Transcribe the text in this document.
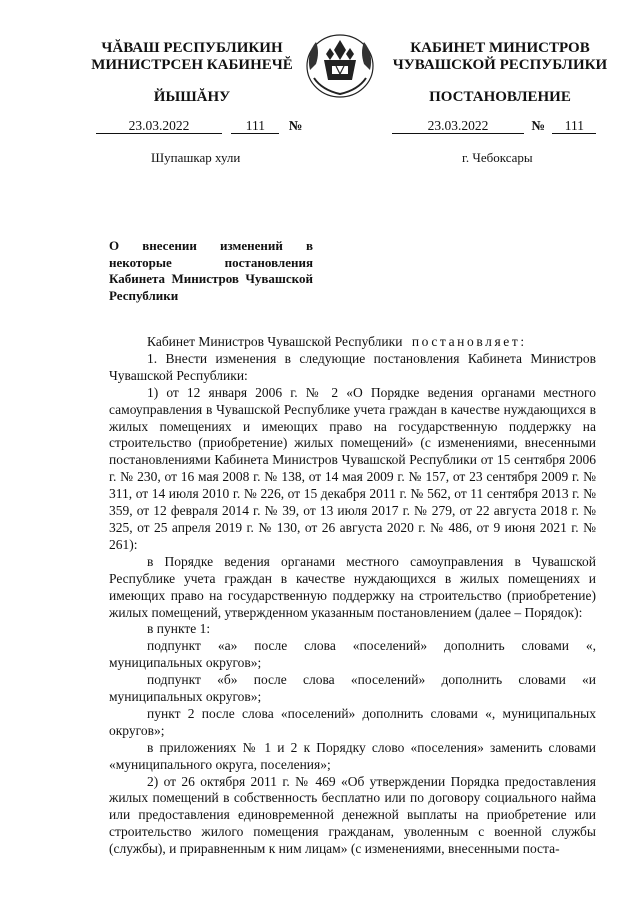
ЧĂВАШ РЕСПУБЛИКИН
МИНИСТРСЕН КАБИНЕЧĔ
ЙЫШĂНУ
23.03.2022	111 №
Шупашкар хули
КАБИНЕТ МИНИСТРОВ
ЧУВАШСКОЙ РЕСПУБЛИКИ
ПОСТАНОВЛЕНИЕ
23.03.2022	№ 111
г. Чебоксары
О внесении изменений в некоторые постановления Кабинета Министров Чувашской Республики

Кабинет Министров Чувашской Республики постановляет:

1. Внести изменения в следующие постановления Кабинета Министров Чувашской Республики:

1) от 12 января 2006 г. № 2 «О Порядке ведения органами местного самоуправления в Чувашской Республике учета граждан в качестве нуждающихся в жилых помещениях и имеющих право на государственную поддержку на строительство (приобретение) жилых помещений» (с изменениями, внесенными постановлениями Кабинета Министров Чувашской Республики от 15 сентября 2006 г. № 230, от 16 мая 2008 г. № 138, от 14 мая 2009 г. № 157, от 23 сентября 2009 г. № 311, от 14 июля 2010 г. № 226, от 15 декабря 2011 г. № 562, от 11 сентября 2013 г. № 359, от 12 февраля 2014 г. № 39, от 13 июля 2017 г. № 279, от 22 августа 2018 г. № 325, от 25 апреля 2019 г. № 130, от 26 августа 2020 г. № 486, от 9 июня 2021 г. № 261):

в Порядке ведения органами местного самоуправления в Чувашской Республике учета граждан в качестве нуждающихся в жилых помещениях и имеющих право на государственную поддержку на строительство (приобретение) жилых помещений, утвержденном указанным постановлением (далее – Порядок):

в пункте 1:

подпункт «а» после слова «поселений» дополнить словами «, муниципальных округов»;

подпункт «б» после слова «поселений» дополнить словами «и муниципальных округов»;

пункт 2 после слова «поселений» дополнить словами «, муниципальных округов»;

в приложениях № 1 и 2 к Порядку слово «поселения» заменить словами «муниципального округа, поселения»;

2) от 26 октября 2011 г. № 469 «Об утверждении Порядка предоставления жилых помещений в собственность бесплатно или по договору социального найма или предоставления единовременной денежной выплаты на приобретение или строительство жилого помещения гражданам, уволенным с военной службы (службы), и приравненным к ним лицам» (с изменениями, внесенными поста-
